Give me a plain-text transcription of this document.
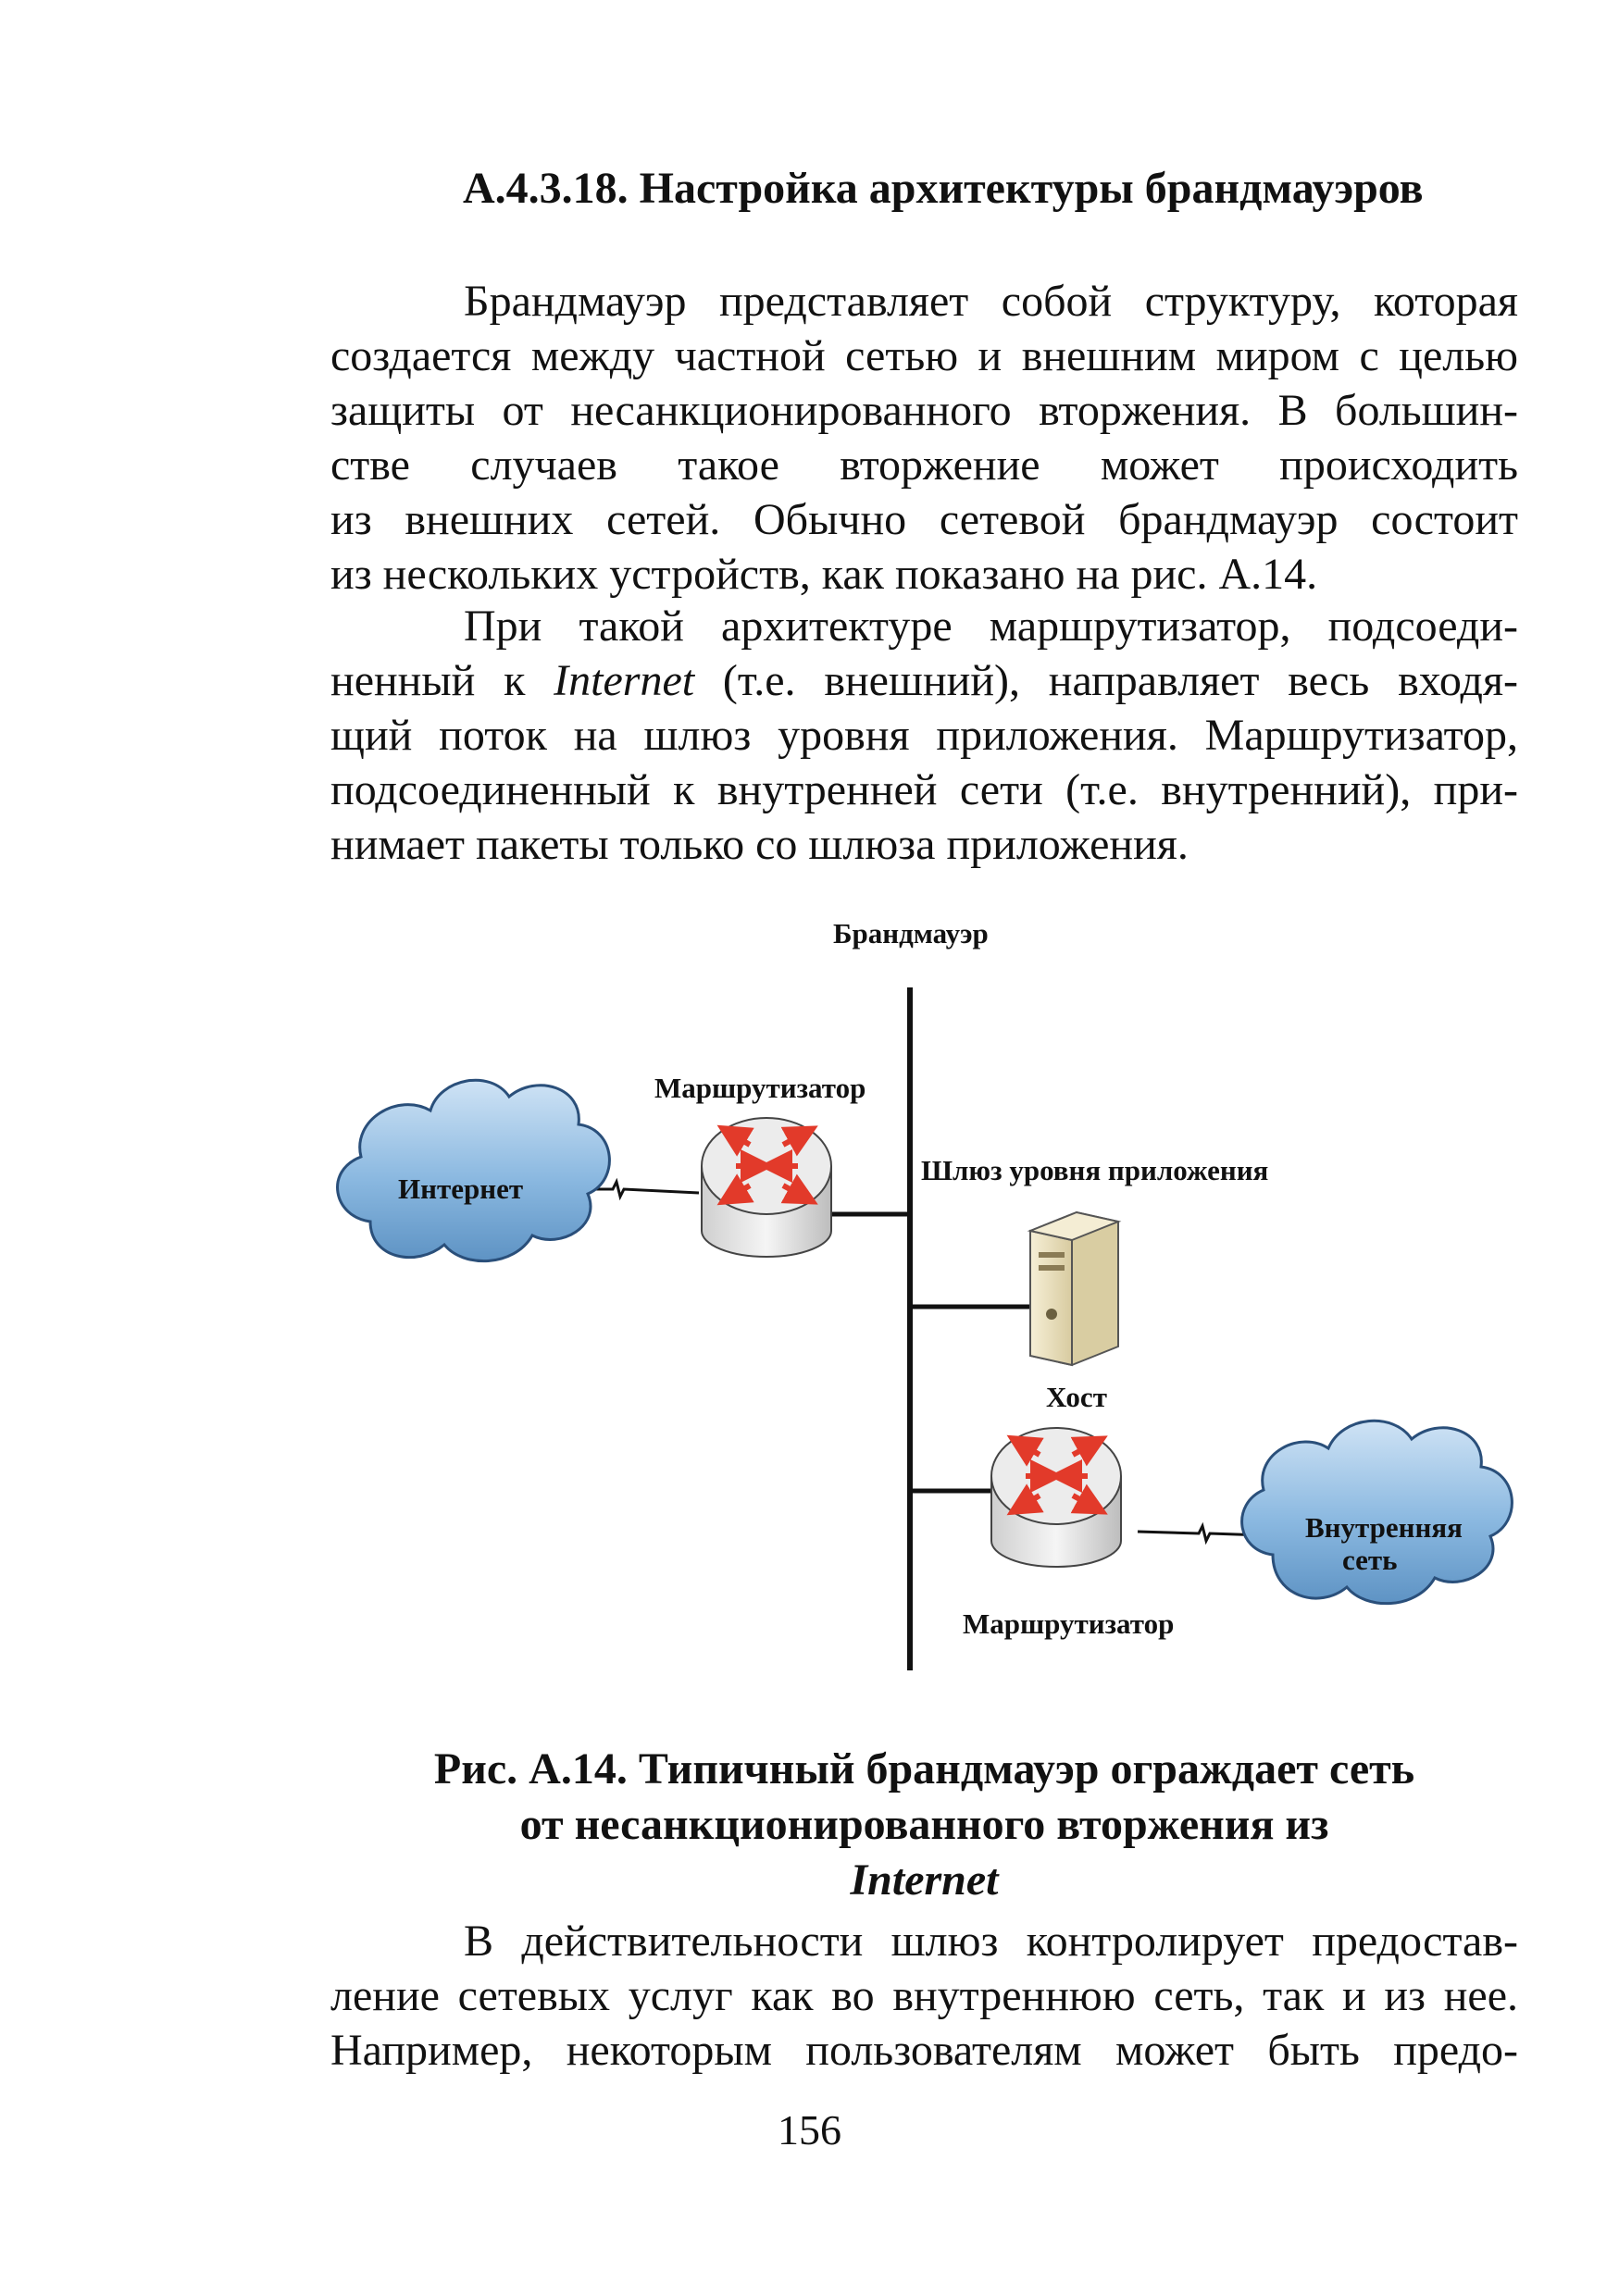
А.4.3.18. Настройка архитектуры брандмауэров

Брандмауэр представляет собой структуру, которая
создается между частной сетью и внешним миром с целью
защиты от несанкционированного вторжения. В большин-
стве случаев такое вторжение может происходить
из внешних сетей. Обычно сетевой брандмауэр состоит
из нескольких устройств, как показано на рис. А.14.

При такой архитектуре маршрутизатор, подсоеди-
ненный к Internet (т.е. внешний), направляет весь входя-
щий поток на шлюз уровня приложения. Маршрутизатор,
подсоединенный к внутренней сети (т.е. внутренний), при-
нимает пакеты только со шлюза приложения.

Брандмауэр
Маршрутизатор
Интернет
Шлюз уровня приложения
Хост
Внутренняя
сеть
Маршрутизатор

Рис. А.14. Типичный брандмауэр ограждает сеть
от несанкционированного вторжения из
Internet

В действительности шлюз контролирует предостав-
ление сетевых услуг как во внутреннюю сеть, так и из нее.
Например, некоторым пользователям может быть предо-

156
